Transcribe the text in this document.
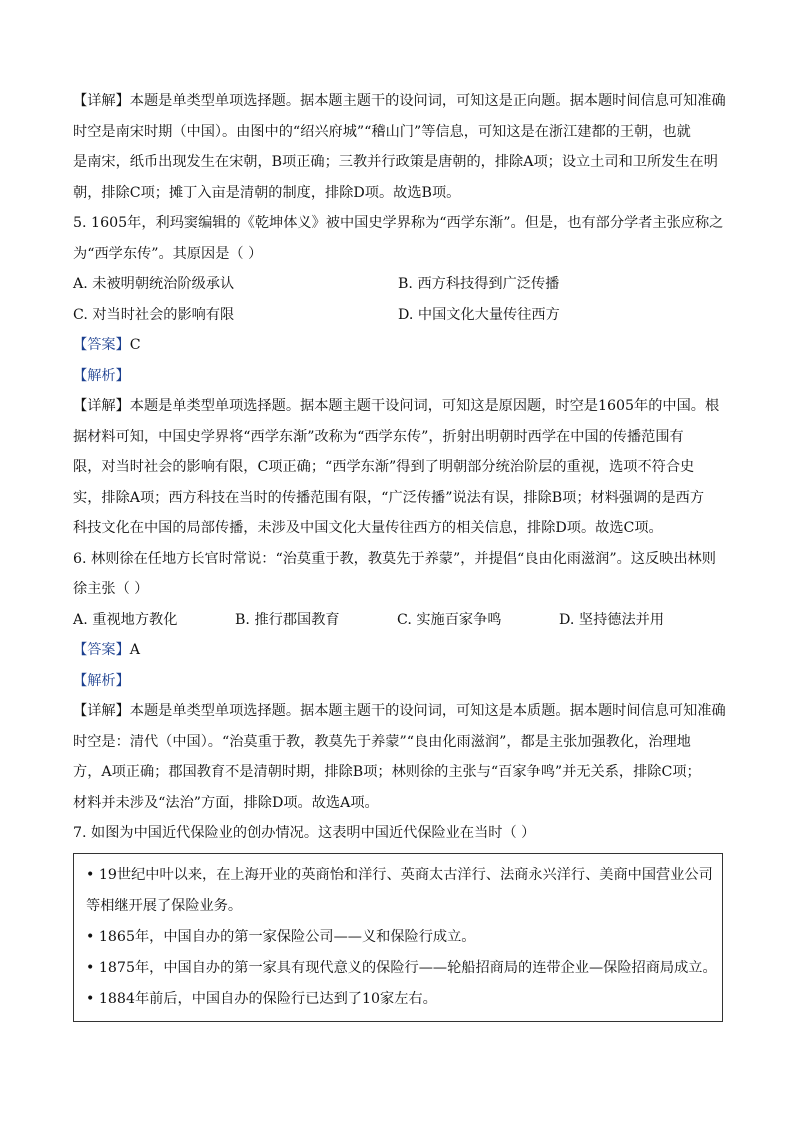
【详解】本题是单类型单项选择题。据本题主题干的设问词，可知这是正向题。据本题时间信息可知准确

时空是南宋时期（中国）。由图中的“绍兴府城”“稽山门”等信息，可知这是在浙江建都的王朝，也就

是南宋，纸币出现发生在宋朝，B项正确；三教并行政策是唐朝的，排除A项；设立土司和卫所发生在明

朝，排除C项；摊丁入亩是清朝的制度，排除D项。故选B项。

5. 1605年，利玛窦编辑的《乾坤体义》被中国史学界称为“西学东渐”。但是，也有部分学者主张应称之

为“西学东传”。其原因是（ ）

A. 未被明朝统治阶级承认	B. 西方科技得到广泛传播
C. 对当时社会的影响有限	D. 中国文化大量传往西方

【答案】C

【解析】

【详解】本题是单类型单项选择题。据本题主题干设问词，可知这是原因题，时空是1605年的中国。根

据材料可知，中国史学界将“西学东渐”改称为“西学东传”，折射出明朝时西学在中国的传播范围有

限，对当时社会的影响有限，C项正确；“西学东渐”得到了明朝部分统治阶层的重视，选项不符合史

实，排除A项；西方科技在当时的传播范围有限，“广泛传播”说法有误，排除B项；材料强调的是西方

科技文化在中国的局部传播，未涉及中国文化大量传往西方的相关信息，排除D项。故选C项。

6. 林则徐在任地方长官时常说：“治莫重于教，教莫先于养蒙”，并提倡“良由化雨滋润”。这反映出林则

徐主张（ ）

A. 重视地方教化	B. 推行郡国教育	C. 实施百家争鸣	D. 坚持德法并用

【答案】A

【解析】

【详解】本题是单类型单项选择题。据本题主题干的设问词，可知这是本质题。据本题时间信息可知准确

时空是：清代（中国）。“治莫重于教，教莫先于养蒙”“良由化雨滋润”，都是主张加强教化，治理地

方，A项正确；郡国教育不是清朝时期，排除B项；林则徐的主张与“百家争鸣”并无关系，排除C项；

材料并未涉及“法治”方面，排除D项。故选A项。

7. 如图为中国近代保险业的创办情况。这表明中国近代保险业在当时（ ）

• 19世纪中叶以来，在上海开业的英商怡和洋行、英商太古洋行、法商永兴洋行、美商中国营业公司

等相继开展了保险业务。

• 1865年，中国自办的第一家保险公司——义和保险行成立。

• 1875年，中国自办的第一家具有现代意义的保险行——轮船招商局的连带企业—保险招商局成立。

• 1884年前后，中国自办的保险行已达到了10家左右。
